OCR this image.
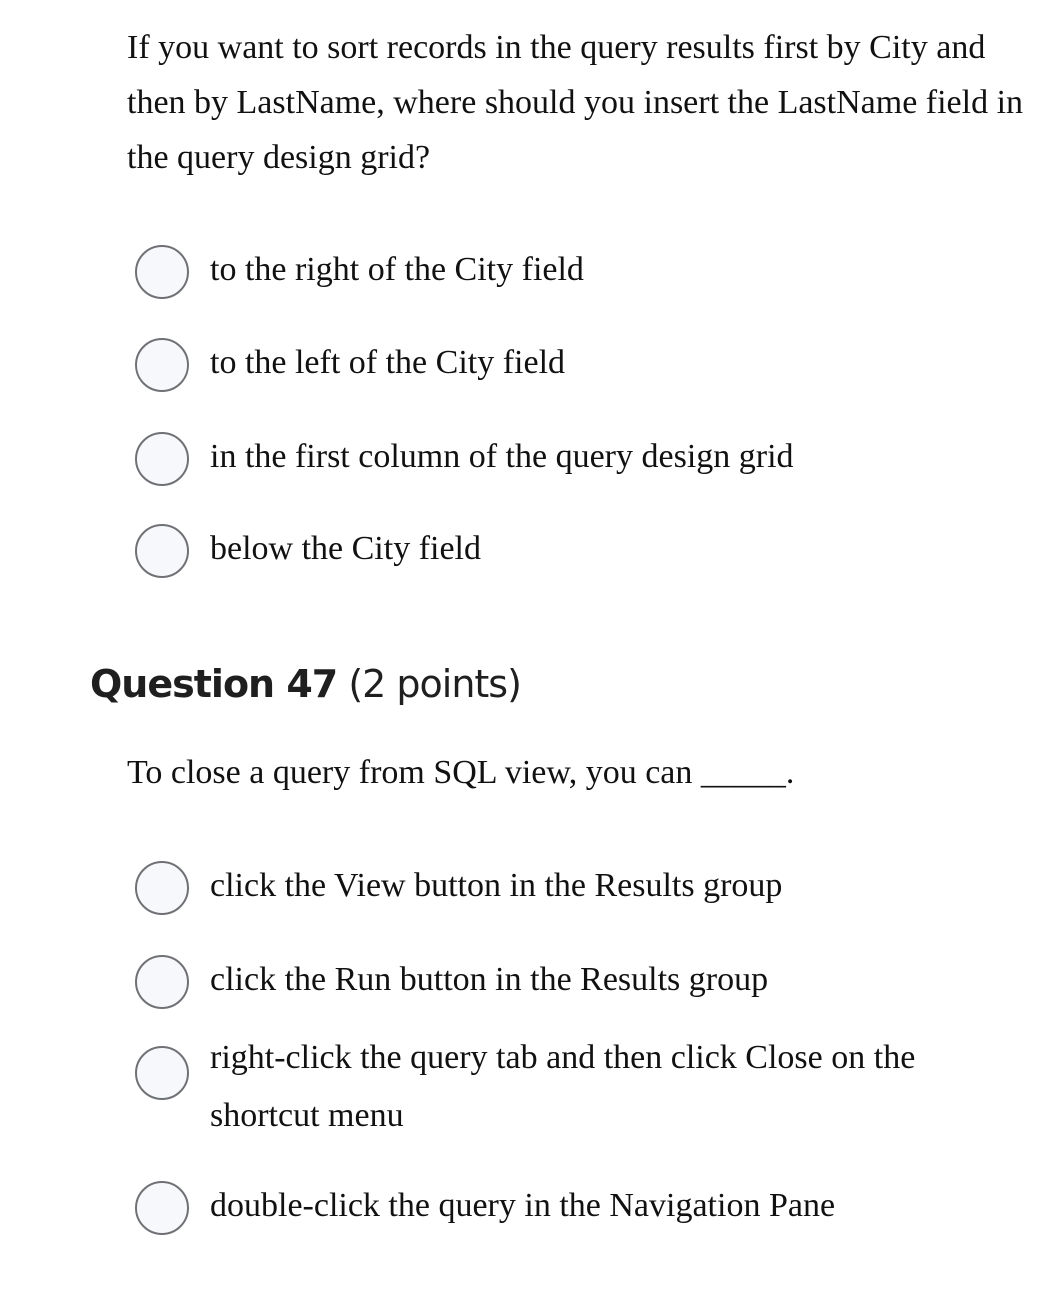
If you want to sort records in the query results first by City and then by LastName, where should you insert the LastName field in the query design grid?
to the right of the City field
to the left of the City field
in the first column of the query design grid
below the City field
Question 47 (2 points)
To close a query from SQL view, you can _____.
click the View button in the Results group
click the Run button in the Results group
right-click the query tab and then click Close on the shortcut menu
double-click the query in the Navigation Pane
